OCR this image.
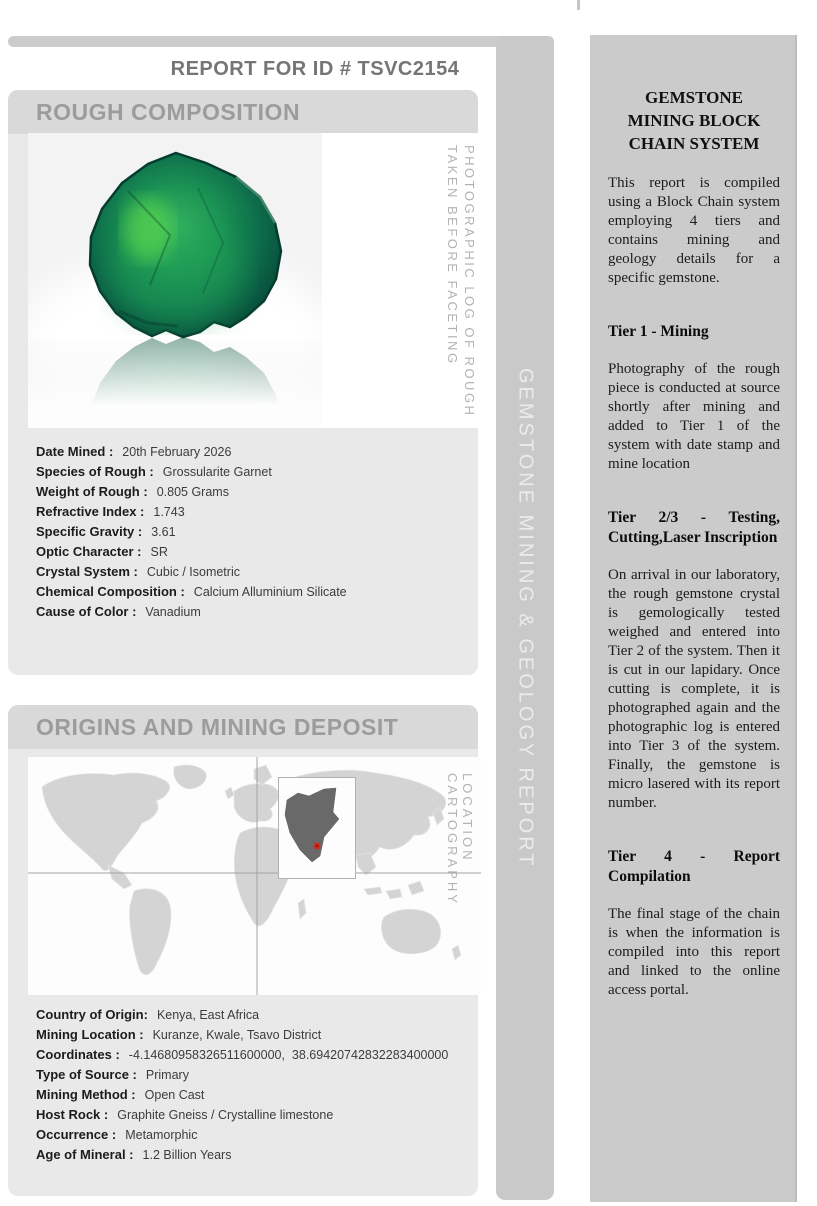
REPORT FOR ID # TSVC2154
ROUGH COMPOSITION
PHOTOGRAPHIC LOG OF ROUGH
TAKEN BEFORE FACETING
Date Mined : 20th February 2026
Species of Rough : Grossularite Garnet
Weight of Rough : 0.805 Grams
Refractive Index : 1.743
Specific Gravity : 3.61
Optic Character : SR
Crystal System : Cubic / Isometric
Chemical Composition : Calcium Alluminium Silicate
Cause of Color : Vanadium
ORIGINS AND MINING DEPOSIT
LOCATION CARTOGRAPHY
Country of Origin: Kenya, East Africa
Mining Location : Kuranze, Kwale, Tsavo District
Coordinates : -4.14680958326511600000,  38.69420742832283400000
Type of Source : Primary
Mining Method : Open Cast
Host Rock : Graphite Gneiss / Crystalline limestone
Occurrence : Metamorphic
Age of Mineral : 1.2 Billion Years
GEMSTONE MINING & GEOLOGY REPORT
GEMSTONE MINING BLOCK CHAIN SYSTEM
This report is compiled using a Block Chain system employing 4 tiers and contains mining and geology details for a specific gemstone.
Tier 1 - Mining
Photography of the rough piece is conducted at source shortly after mining and added to Tier 1 of the system with date stamp and mine location
Tier 2/3 - Testing, Cutting,Laser Inscription
On arrival in our laboratory, the rough gemstone crystal is gemologically tested weighed and entered into Tier 2 of the system. Then it is cut in our lapidary. Once cutting is complete, it is photographed again and the photographic log is entered into Tier 3 of the system. Finally, the gemstone is micro lasered with its report number.
Tier 4 - Report Compilation
The final stage of the chain is when the information is compiled into this report and linked to the online access portal.
